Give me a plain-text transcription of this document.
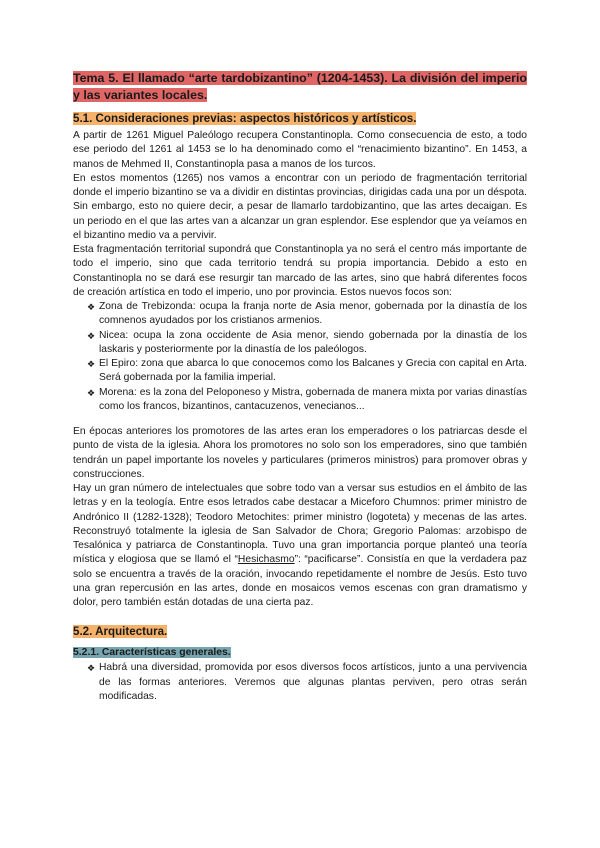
Tema 5. El llamado “arte tardobizantino” (1204-1453). La división del imperio y las variantes locales.
5.1. Consideraciones previas: aspectos históricos y artísticos.

A partir de 1261 Miguel Paleólogo recupera Constantinopla. Como consecuencia de esto, a todo ese periodo del 1261 al 1453 se lo ha denominado como el “renacimiento bizantino”. En 1453, a manos de Mehmed II, Constantinopla pasa a manos de los turcos.

En estos momentos (1265) nos vamos a encontrar con un periodo de fragmentación territorial donde el imperio bizantino se va a dividir en distintas provincias, dirigidas cada una por un déspota. Sin embargo, esto no quiere decir, a pesar de llamarlo tardobizantino, que las artes decaigan. Es un periodo en el que las artes van a alcanzar un gran esplendor. Ese esplendor que ya veíamos en el bizantino medio va a pervivir.

Esta fragmentación territorial supondrá que Constantinopla ya no será el centro más importante de todo el imperio, sino que cada territorio tendrá su propia importancia. Debido a esto en Constantinopla no se dará ese resurgir tan marcado de las artes, sino que habrá diferentes focos de creación artística en todo el imperio, uno por provincia. Estos nuevos focos son:

❖ Zona de Trebizonda: ocupa la franja norte de Asia menor, gobernada por la dinastía de los comnenos ayudados por los cristianos armenios.
❖ Nicea: ocupa la zona occidente de Asia menor, siendo gobernada por la dinastía de los laskaris y posteriormente por la dinastía de los paleólogos.
❖ El Epiro: zona que abarca lo que conocemos como los Balcanes y Grecia con capital en Arta. Será gobernada por la familia imperial.
❖ Morena: es la zona del Peloponeso y Mistra, gobernada de manera mixta por varias dinastías como los francos, bizantinos, cantacuzenos, venecianos...

En épocas anteriores los promotores de las artes eran los emperadores o los patriarcas desde el punto de vista de la iglesia. Ahora los promotores no solo son los emperadores, sino que también tendrán un papel importante los noveles y particulares (primeros ministros) para promover obras y construcciones.

Hay un gran número de intelectuales que sobre todo van a versar sus estudios en el ámbito de las letras y en la teología. Entre esos letrados cabe destacar a Miceforo Chumnos: primer ministro de Andrónico II (1282-1328); Teodoro Metochites: primer ministro (logoteta) y mecenas de las artes. Reconstruyó totalmente la iglesia de San Salvador de Chora; Gregorio Palomas: arzobispo de Tesalónica y patriarca de Constantinopla. Tuvo una gran importancia porque planteó una teoría mística y elogiosa que se llamó el “Hesichasmo”: “pacificarse”. Consistía en que la verdadera paz solo se encuentra a través de la oración, invocando repetidamente el nombre de Jesús. Esto tuvo una gran repercusión en las artes, donde en mosaicos vemos escenas con gran dramatismo y dolor, pero también están dotadas de una cierta paz.

5.2. Arquitectura.
5.2.1. Características generales.
❖ Habrá una diversidad, promovida por esos diversos focos artísticos, junto a una pervivencia de las formas anteriores. Veremos que algunas plantas perviven, pero otras serán modificadas.
